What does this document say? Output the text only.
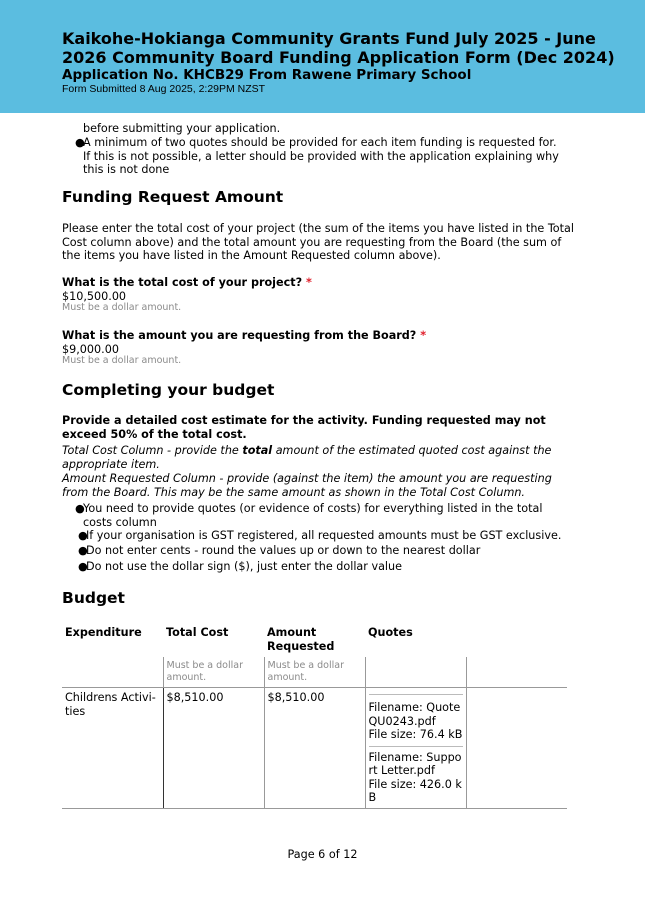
Kaikohe-Hokianga Community Grants Fund July 2025 - June 2026 Community Board Funding Application Form (Dec 2024)
Application No. KHCB29 From Rawene Primary School
Form Submitted 8 Aug 2025, 2:29PM NZST
before submitting your application.
●
A minimum of two quotes should be provided for each item funding is requested for. If this is not possible, a letter should be provided with the application explaining why this is not done
Funding Request Amount
Please enter the total cost of your project (the sum of the items you have listed in the Total Cost column above) and the total amount you are requesting from the Board (the sum of the items you have listed in the Amount Requested column above).
What is the total cost of your project? *
$10,500.00
Must be a dollar amount.
What is the amount you are requesting from the Board? *
$9,000.00
Must be a dollar amount.
Completing your budget
Provide a detailed cost estimate for the activity. Funding requested may not exceed 50% of the total cost.
Total Cost Column - provide the total amount of the estimated quoted cost against the appropriate item.
Amount Requested Column - provide (against the item) the amount you are requesting from the Board. This may be the same amount as shown in the Total Cost Column.
●
You need to provide quotes (or evidence of costs) for everything listed in the total costs column
●
If your organisation is GST registered, all requested amounts must be GST exclusive.
●
Do not enter cents - round the values up or down to the nearest dollar
●
Do not use the dollar sign ($), just enter the dollar value
Budget
Expenditure	Total Cost	Amount Requested	Quotes	
	Must be a dollar amount.	Must be a dollar amount.		
Childrens Activities	$8,510.00	$8,510.00	Filename: Quote QU0243.pdf
File size: 76.4 kB
Filename: Support Letter.pdf
File size: 426.0 kB	

Page 6 of 12
